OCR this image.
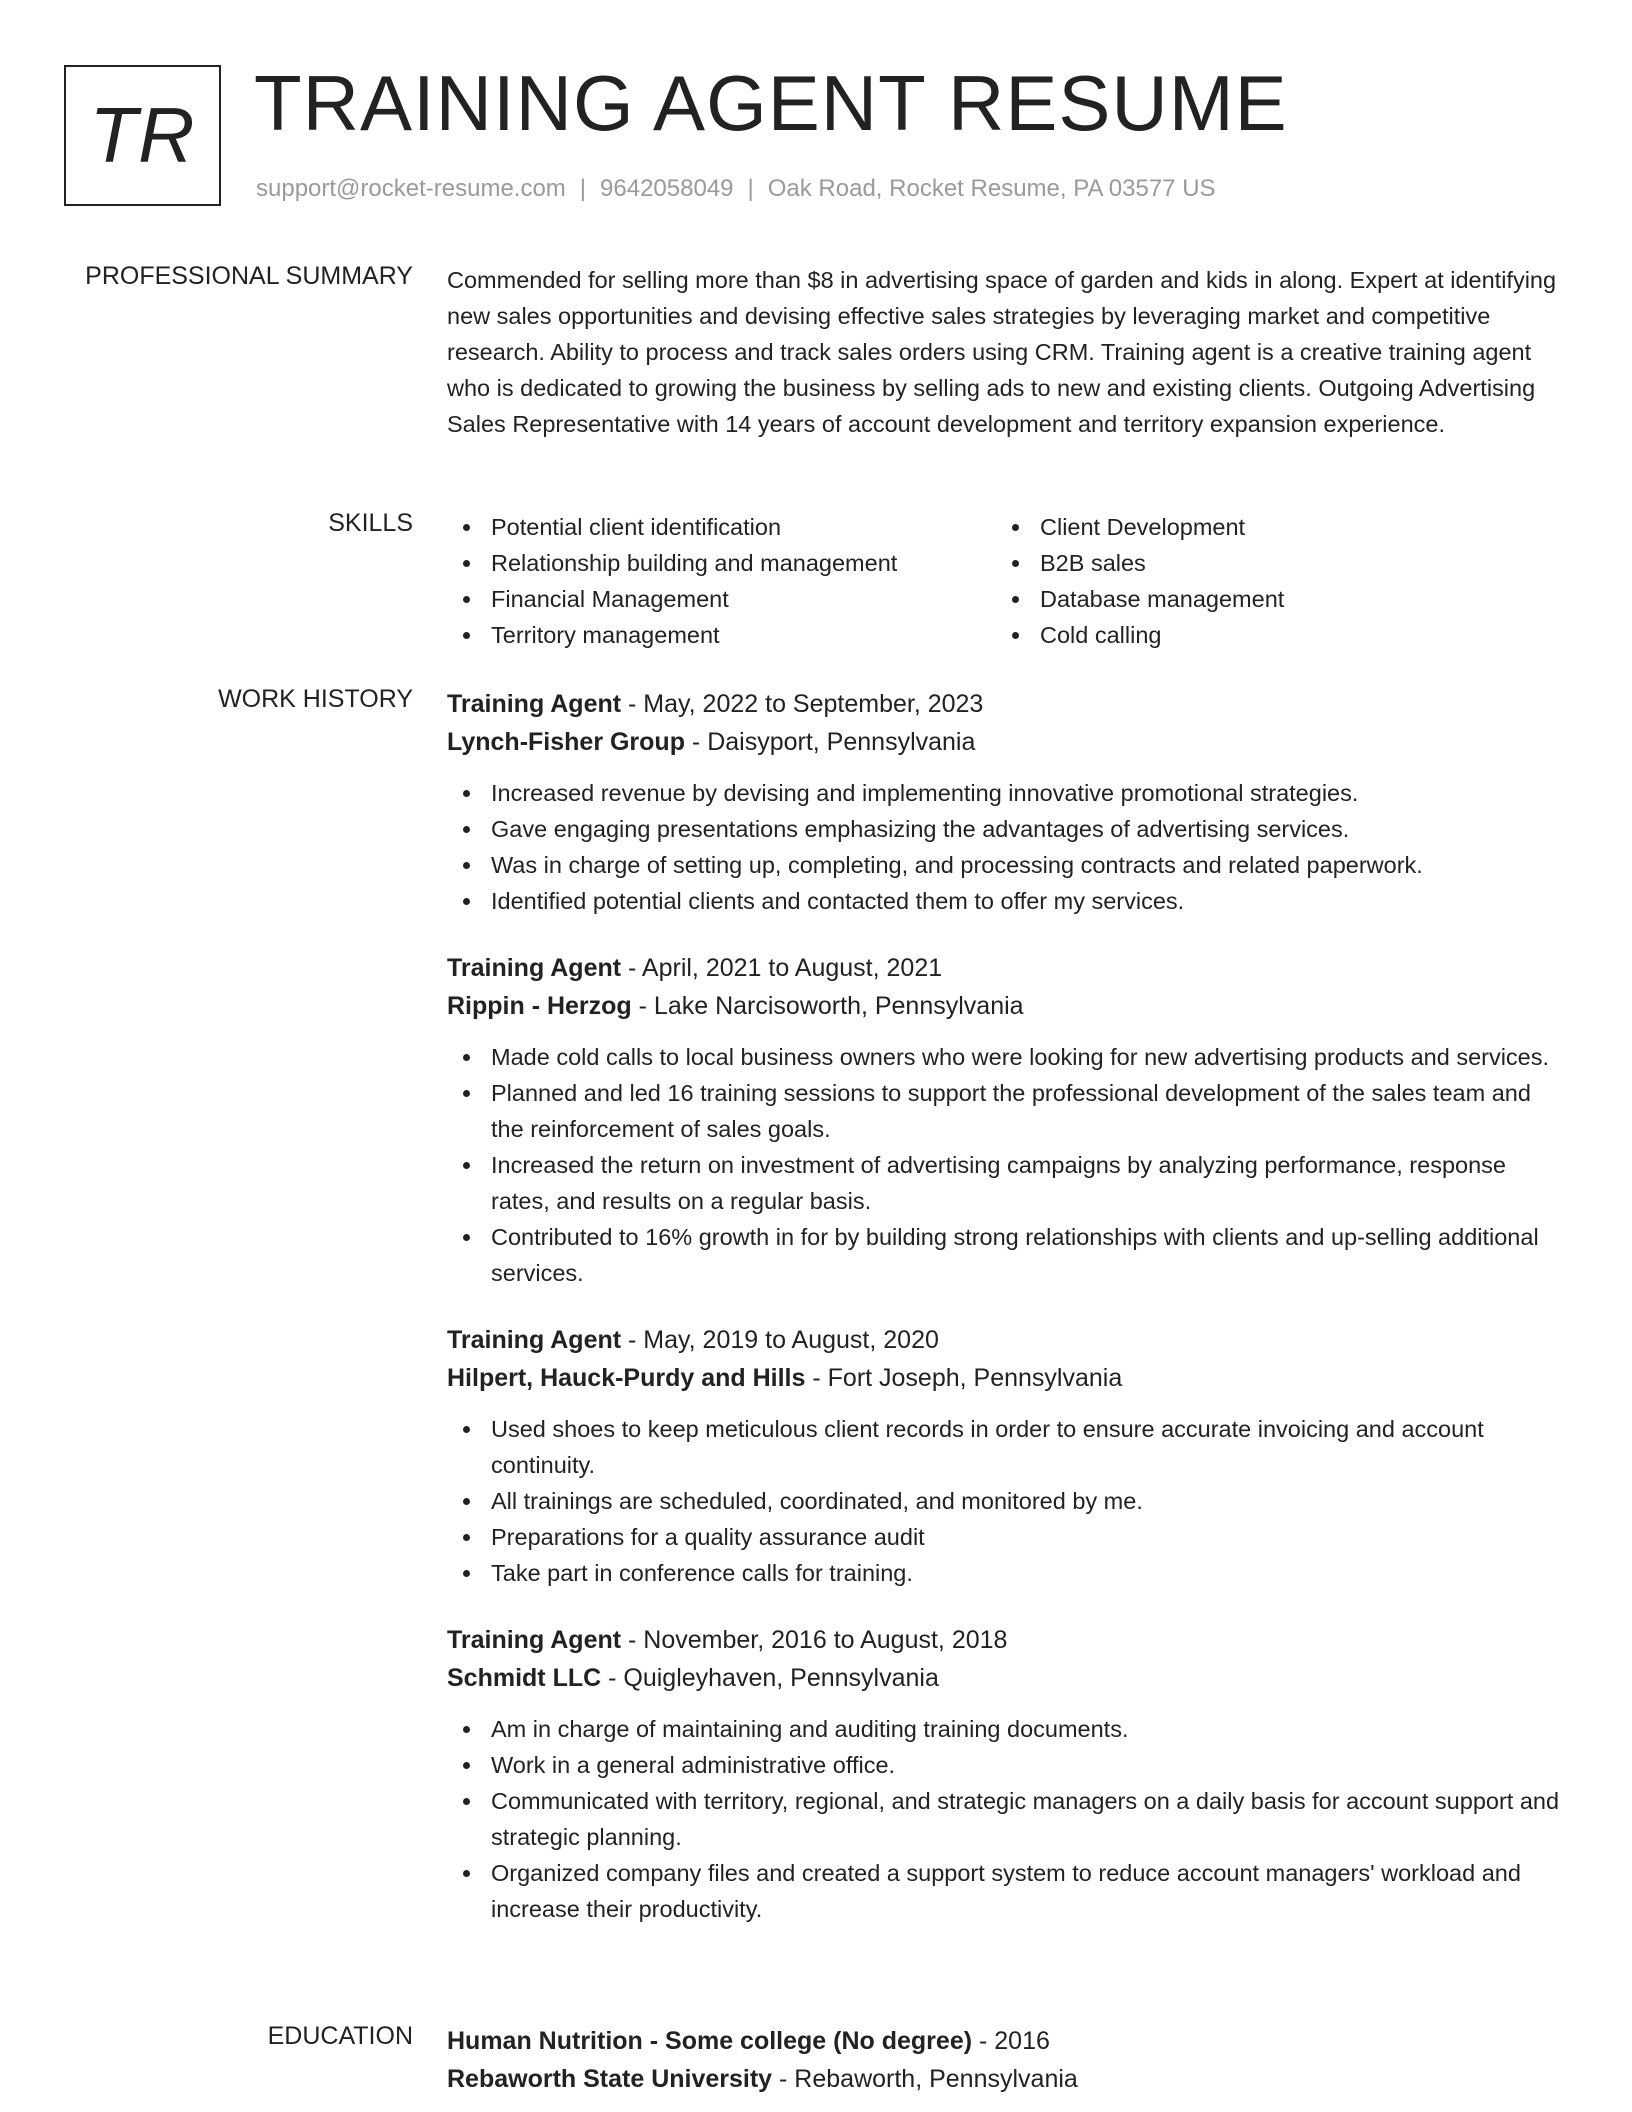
TR TRAINING AGENT RESUME
support@rocket-resume.com | 9642058049 | Oak Road, Rocket Resume, PA 03577 US
PROFESSIONAL SUMMARY Commended for selling more than $8 in advertising space of garden and kids in along. Expert at identifying new sales opportunities and devising effective sales strategies by leveraging market and competitive research. Ability to process and track sales orders using CRM. Training agent is a creative training agent who is dedicated to growing the business by selling ads to new and existing clients. Outgoing Advertising Sales Representative with 14 years of account development and territory expansion experience.

SKILLS	Potential client identification
Relationship building and management
Financial Management
Territory management
Client Development
B2B sales
Database management
Cold calling
WORK HISTORY Training Agent - May, 2022 to September, 2023
Lynch-Fisher Group - Daisyport, Pennsylvania
Increased revenue by devising and implementing innovative promotional strategies.
Gave engaging presentations emphasizing the advantages of advertising services.
Was in charge of setting up, completing, and processing contracts and related paperwork.
Identified potential clients and contacted them to offer my services.
Training Agent - April, 2021 to August, 2021
Rippin - Herzog - Lake Narcisoworth, Pennsylvania
Made cold calls to local business owners who were looking for new advertising products and services.
Planned and led 16 training sessions to support the professional development of the sales team and the reinforcement of sales goals.
Increased the return on investment of advertising campaigns by analyzing performance, response rates, and results on a regular basis.
Contributed to 16% growth in for by building strong relationships with clients and up-selling additional services.
Training Agent - May, 2019 to August, 2020
Hilpert, Hauck-Purdy and Hills - Fort Joseph, Pennsylvania
Used shoes to keep meticulous client records in order to ensure accurate invoicing and account continuity.
All trainings are scheduled, coordinated, and monitored by me.
Preparations for a quality assurance audit
Take part in conference calls for training.
Training Agent - November, 2016 to August, 2018
Schmidt LLC - Quigleyhaven, Pennsylvania
Am in charge of maintaining and auditing training documents.
Work in a general administrative office.
Communicated with territory, regional, and strategic managers on a daily basis for account support and strategic planning.
Organized company files and created a support system to reduce account managers' workload and increase their productivity.
EDUCATION Human Nutrition - Some college (No degree) - 2016
Rebaworth State University - Rebaworth, Pennsylvania
